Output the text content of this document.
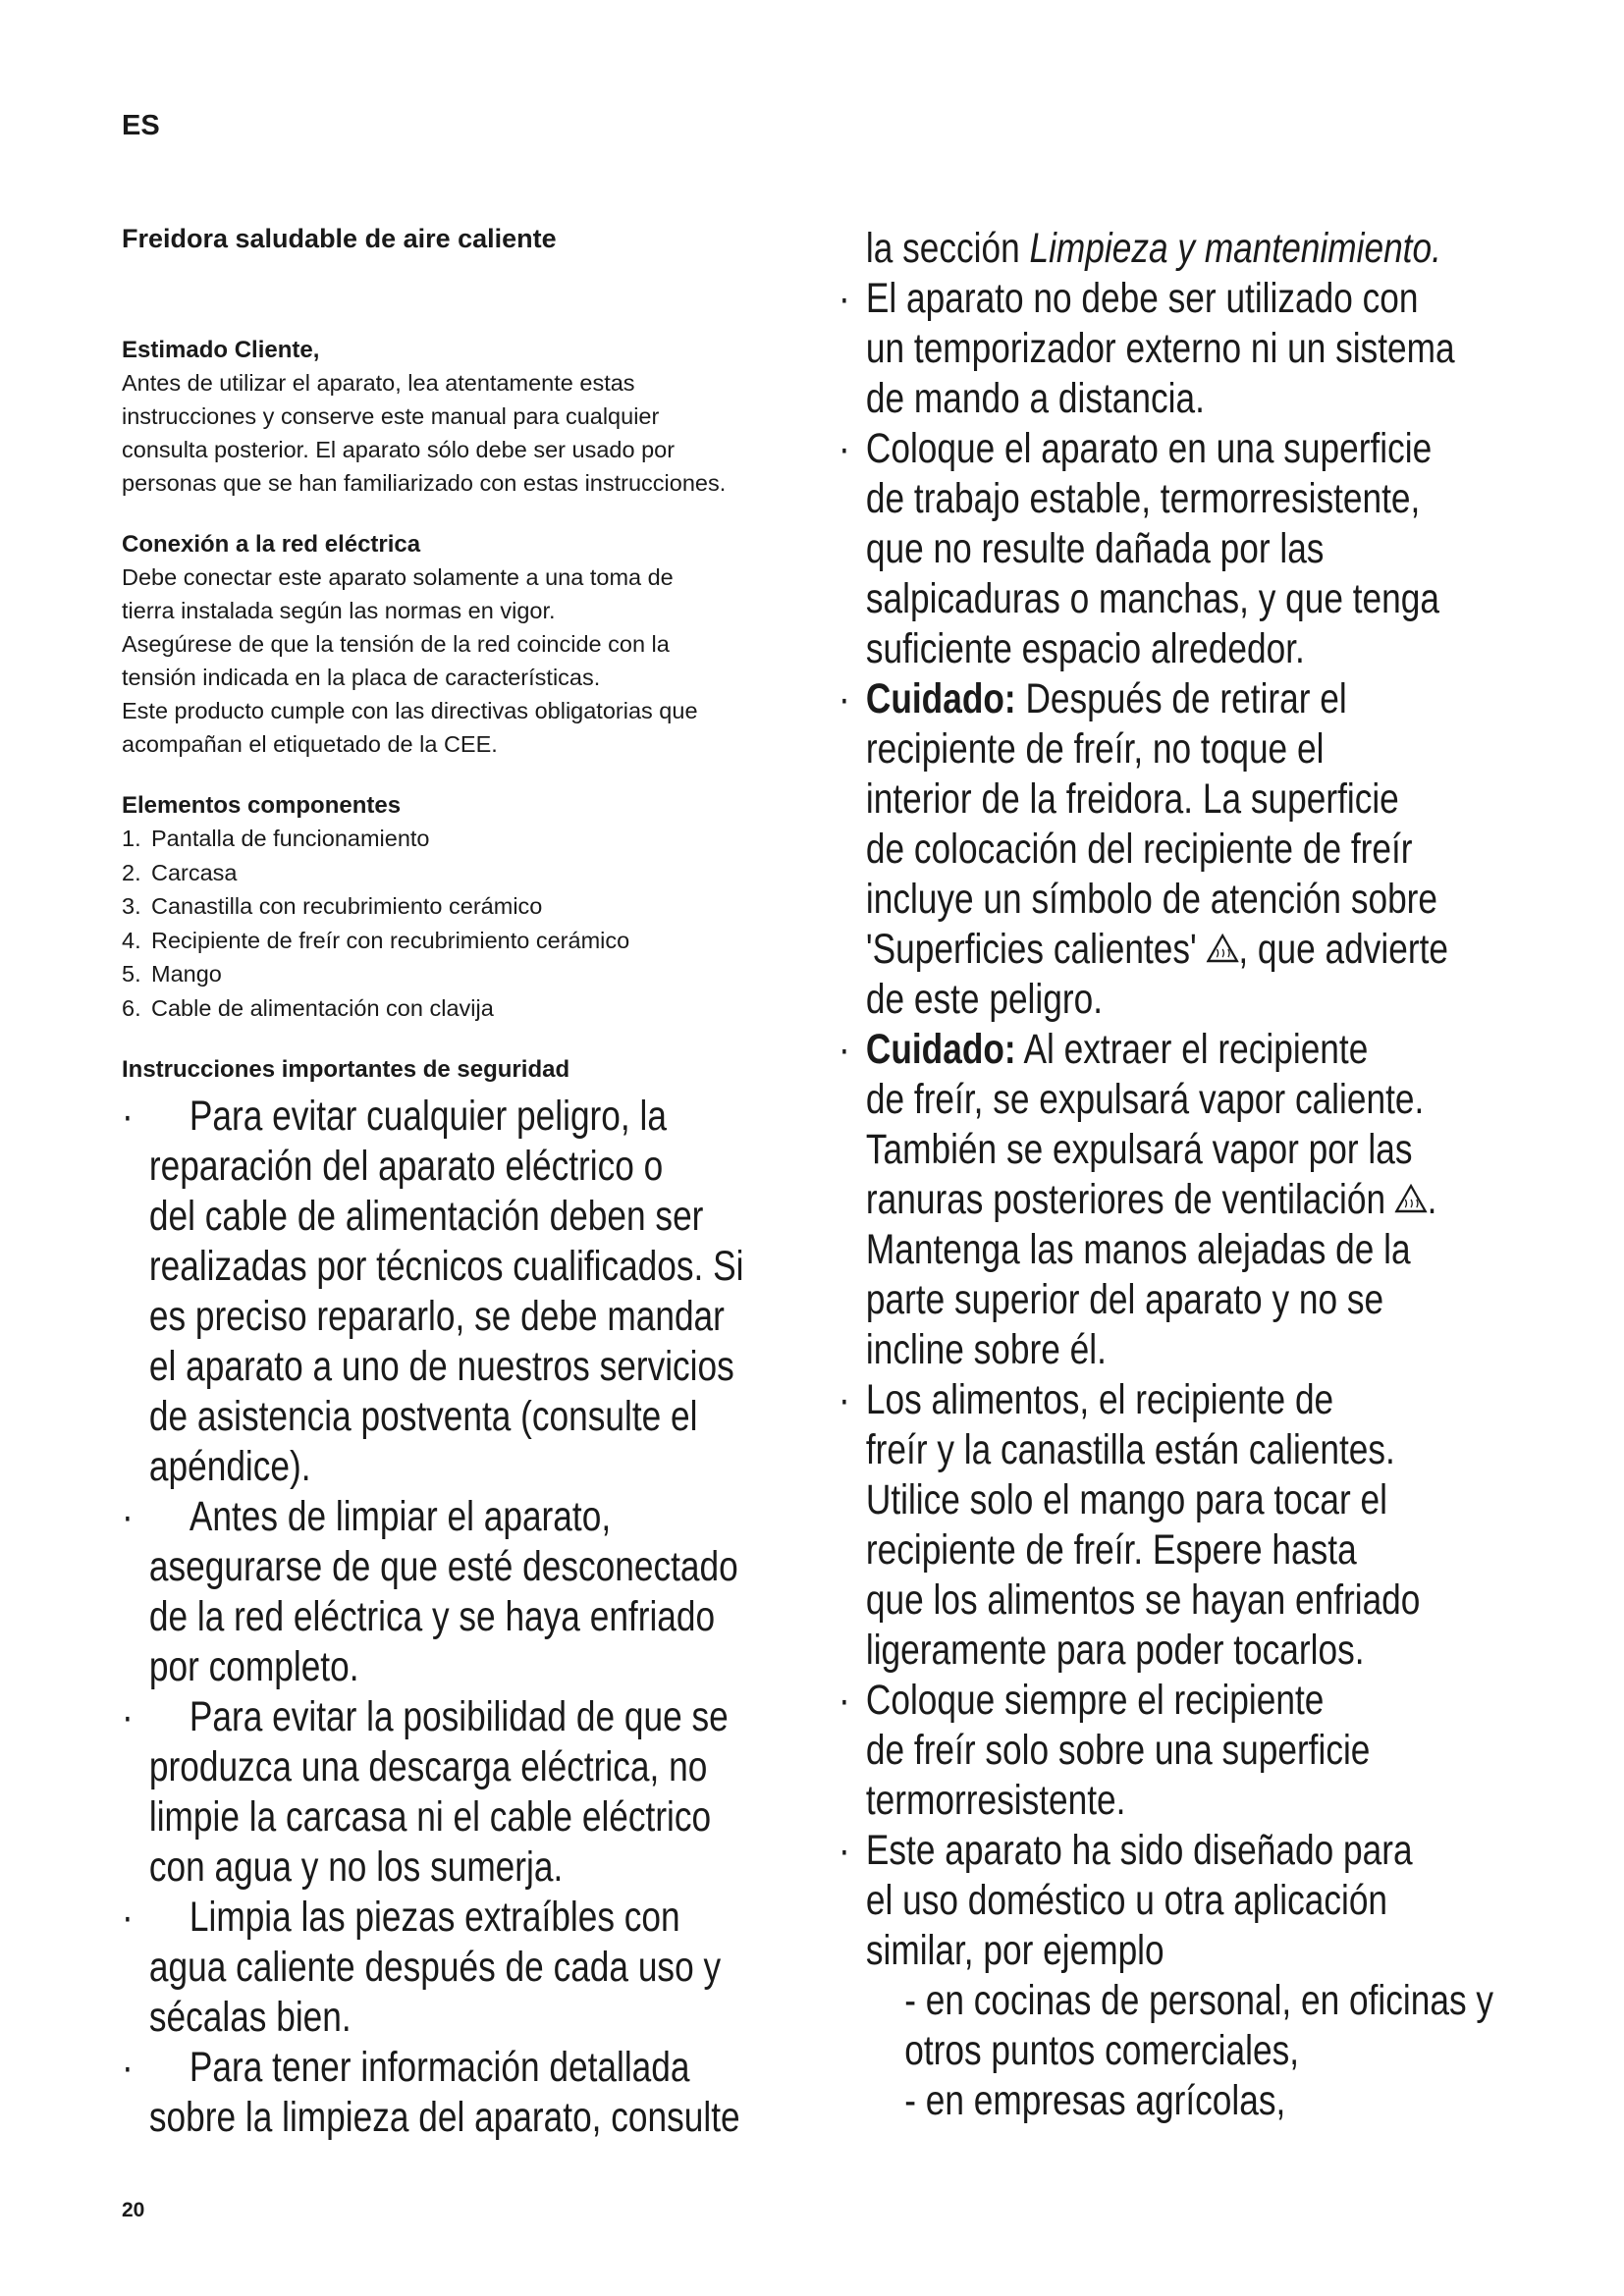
ES
Freidora saludable de aire caliente

Estimado Cliente,

Antes de utilizar el aparato, lea atentamente estas

instrucciones y conserve este manual para cualquier

consulta posterior. El aparato sólo debe ser usado por

personas que se han familiarizado con estas instrucciones.

Conexión a la red eléctrica

Debe conectar este aparato solamente a una toma de

tierra instalada según las normas en vigor.

Asegúrese de que la tensión de la red coincide con la

tensión indicada en la placa de características.

Este producto cumple con las directivas obligatorias que

acompañan el etiquetado de la CEE.

Elementos componentes

1. Pantalla de funcionamiento
2. Carcasa
3. Canastilla con recubrimiento cerámico
4. Recipiente de freír con recubrimiento cerámico
5. Mango
6. Cable de alimentación con clavija

Instrucciones importantes de seguridad

·	Para evitar cualquier peligro, la
reparación del aparato eléctrico o
del cable de alimentación deben ser
realizadas por técnicos cualificados. Si
es preciso repararlo, se debe mandar
el aparato a uno de nuestros servicios
de asistencia postventa (consulte el
apéndice).
·	Antes de limpiar el aparato,
asegurarse de que esté desconectado
de la red eléctrica y se haya enfriado
por completo.
·	Para evitar la posibilidad de que se
produzca una descarga eléctrica, no
limpie la carcasa ni el cable eléctrico
con agua y no los sumerja.
·	Limpia las piezas extraíbles con
agua caliente después de cada uso y
sécalas bien.
·	Para tener información detallada
sobre la limpieza del aparato, consulte
la sección Limpieza y mantenimiento.
· El aparato no debe ser utilizado con
un temporizador externo ni un sistema
de mando a distancia.
· Coloque el aparato en una superficie
de trabajo estable, termorresistente,
que no resulte dañada por las
salpicaduras o manchas, y que tenga
suficiente espacio alrededor.
· Cuidado: Después de retirar el
recipiente de freír, no toque el
interior de la freidora. La superficie
de colocación del recipiente de freír
incluye un símbolo de atención sobre
'Superficies calientes' , que advierte
de este peligro.
· Cuidado: Al extraer el recipiente
de freír, se expulsará vapor caliente.
También se expulsará vapor por las
ranuras posteriores de ventilación .
Mantenga las manos alejadas de la
parte superior del aparato y no se
incline sobre él.
· Los alimentos, el recipiente de
freír y la canastilla están calientes.
Utilice solo el mango para tocar el
recipiente de freír. Espere hasta
que los alimentos se hayan enfriado
ligeramente para poder tocarlos.
· Coloque siempre el recipiente
de freír solo sobre una superficie
termorresistente.
· Este aparato ha sido diseñado para
el uso doméstico u otra aplicación
similar, por ejemplo
- en cocinas de personal, en oficinas y
otros puntos comerciales,
- en empresas agrícolas,
20
